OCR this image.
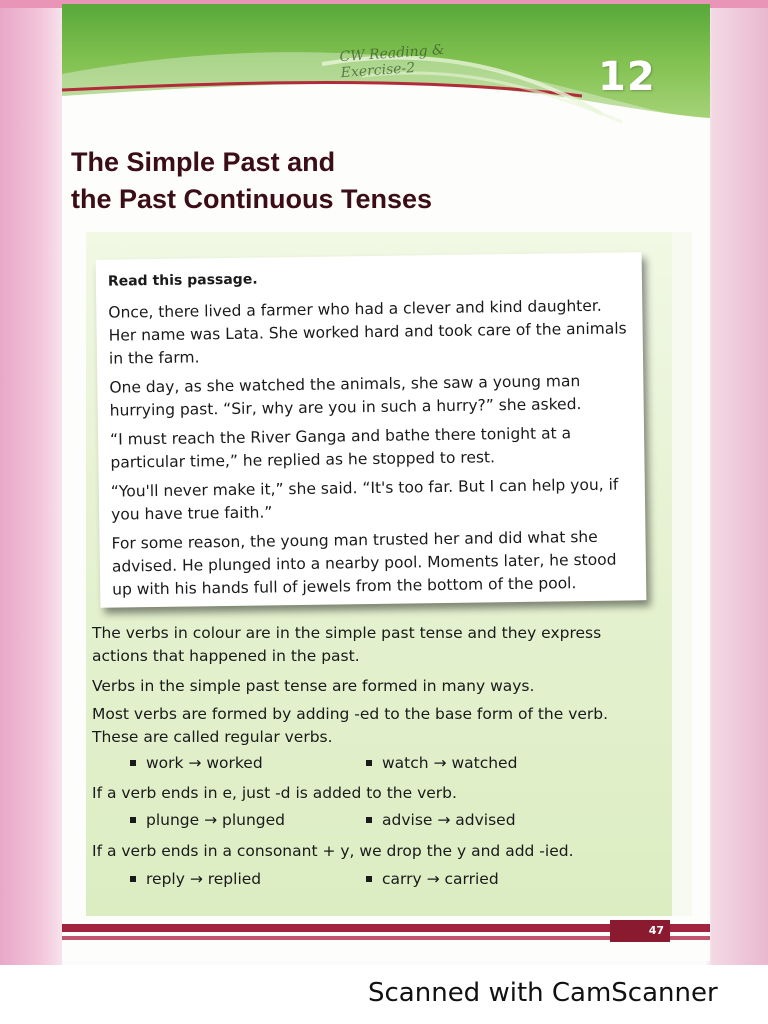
CW Reading & Exercise-2	12
The Simple Past and
the Past Continuous Tenses
Read this passage.

Once, there lived a farmer who had a clever and kind daughter. Her name was Lata. She worked hard and took care of the animals in the farm.

One day, as she watched the animals, she saw a young man hurrying past. “Sir, why are you in such a hurry?” she asked.

“I must reach the River Ganga and bathe there tonight at a particular time,” he replied as he stopped to rest.

“You'll never make it,” she said. “It's too far. But I can help you, if you have true faith.”

For some reason, the young man trusted her and did what she advised. He plunged into a nearby pool. Moments later, he stood up with his hands full of jewels from the bottom of the pool.

The verbs in colour are in the simple past tense and they express actions that happened in the past.

Verbs in the simple past tense are formed in many ways.

Most verbs are formed by adding -ed to the base form of the verb. These are called regular verbs.

work → worked	watch → watched

If a verb ends in e, just -d is added to the verb.

plunge → plunged	advise → advised

If a verb ends in a consonant + y, we drop the y and add -ied.

reply → replied	carry → carried
47
Scanned with CamScanner
